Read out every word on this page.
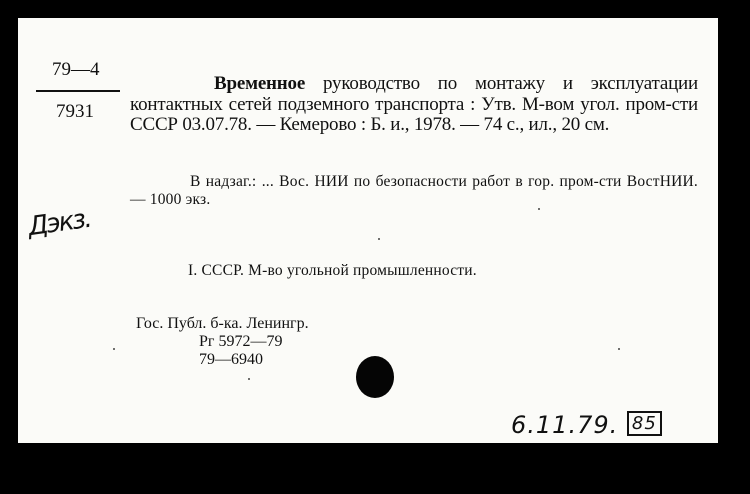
79—4
7931
Временное руководство по монтажу и эксплуатации контактных сетей подземного транспорта : Утв. М-вом угол. пром-сти СССР 03.07.78. — Кемерово : Б. и., 1978. — 74 с., ил., 20 см.
В надзаг.: ... Вос. НИИ по безопасности работ в гор. пром-сти ВостНИИ. — 1000 экз.
I. СССР. М-во угольной промышленности.
Гос. Публ. б-ка. Ленингр.
Рг 5972—79
79—6940
Дэкз.
6.11.79. 85
